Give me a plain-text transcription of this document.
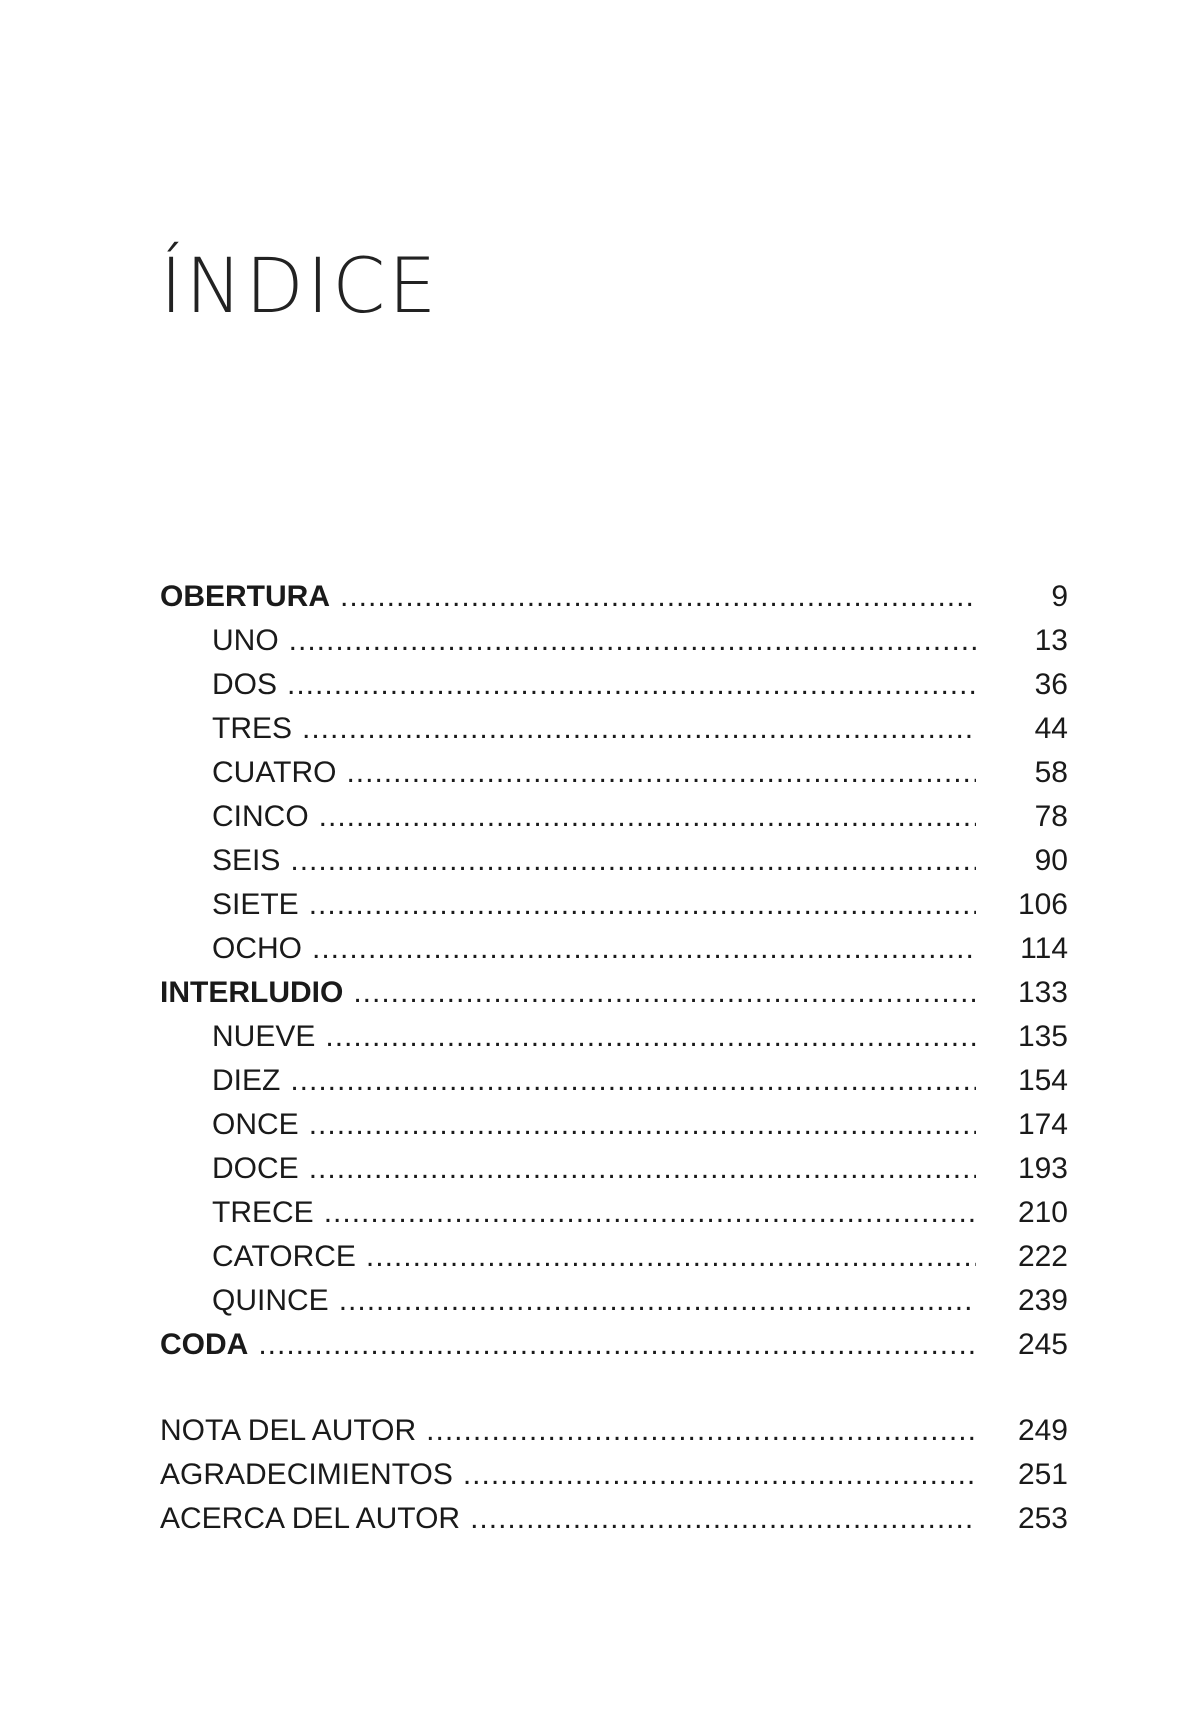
ÍNDICE
OBERTURA .....	9
UNO .....	13
DOS .....	36
TRES .....	44
CUATRO .....	58
CINCO .....	78
SEIS .....	90
SIETE .....	106
OCHO .....	114
INTERLUDIO .....	133
NUEVE .....	135
DIEZ .....	154
ONCE .....	174
DOCE .....	193
TRECE .....	210
CATORCE .....	222
QUINCE .....	239
CODA .....	245
NOTA DEL AUTOR .....	249
AGRADECIMIENTOS .....	251
ACERCA DEL AUTOR .....	253
